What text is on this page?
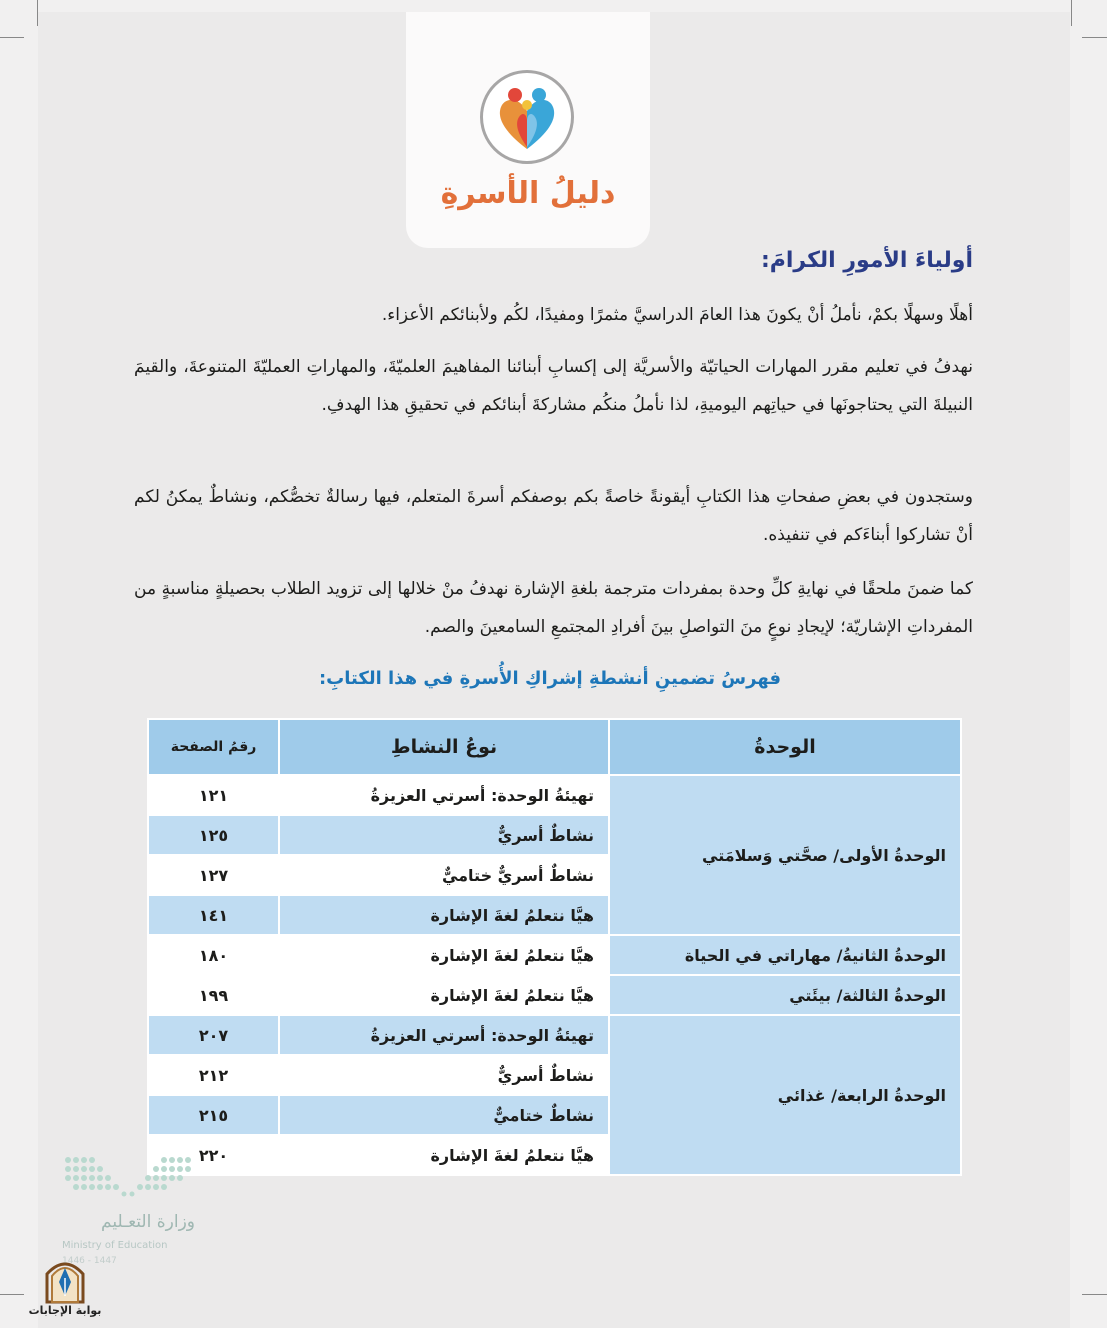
دليلُ الأسرةِ
أولياءَ الأمورِ الكرامَ:
أهلًا وسهلًا بكمْ، نأملُ أنْ يكونَ هذا العامَ الدراسيَّ مثمرًا ومفيدًا، لكُم ولأبنائكم الأعزاء.
نهدفُ في تعليم مقرر المهارات الحياتيّة والأسريَّة إلى إكسابِ أبنائنا المفاهيمَ العلميّةَ، والمهاراتِ العمليّةَ المتنوعةَ، والقيمَ النبيلةَ التي يحتاجونَها في حياتِهم اليوميةِ، لذا نأملُ منكُم مشاركةَ أبنائكم في تحقيقِ هذا الهدفِ.
وستجدون في بعضِ صفحاتِ هذا الكتابِ أيقونةً خاصةً بكم بوصفكم أسرةَ المتعلم، فيها رسالةٌ تخصُّكم، ونشاطٌ يمكنُ لكم أنْ تشاركوا أبناءَكم في تنفيذه.
كما ضمنَ ملحقًا في نهايةِ كلِّ وحدة بمفردات مترجمة بلغةِ الإشارة نهدفُ منْ خلالها إلى تزويد الطلاب بحصيلةٍ مناسبةٍ من المفرداتِ الإشاريّة؛ لإيجادِ نوعٍ منَ التواصلِ بينَ أفرادِ المجتمعِ السامعينَ والصم.
فهرسُ تضمينِ أنشطةِ إشراكِ الأُسرةِ في هذا الكتابِ:
الوحدةُ	نوعُ النشاطِ	رقمُ الصفحة
الوحدةُ الأولى/ صحَّتي وَسلامَتي	تهيئةُ الوحدة: أسرتي العزيزةُ	١٢١
	نشاطٌ أسريٌّ	١٢٥
	نشاطٌ أسريٌّ ختاميٌّ	١٢٧
	هيَّا نتعلمُ لغةَ الإشارة	١٤١
الوحدةُ الثانيةُ/ مهاراتي في الحياة	هيَّا نتعلمُ لغةَ الإشارة	١٨٠
الوحدةُ الثالثة/ بيئَتي	هيَّا نتعلمُ لغةَ الإشارة	١٩٩
الوحدةُ الرابعة/ غذائي	تهيئةُ الوحدة: أسرتي العزيزةُ	٢٠٧
	نشاطٌ أسريٌّ	٢١٢
	نشاطٌ ختاميٌّ	٢١٥
	هيَّا نتعلمُ لغةَ الإشارة	٢٢٠
وزارة التعـليم
Ministry of Education
1446 - 1447
بوابة الإجابات
